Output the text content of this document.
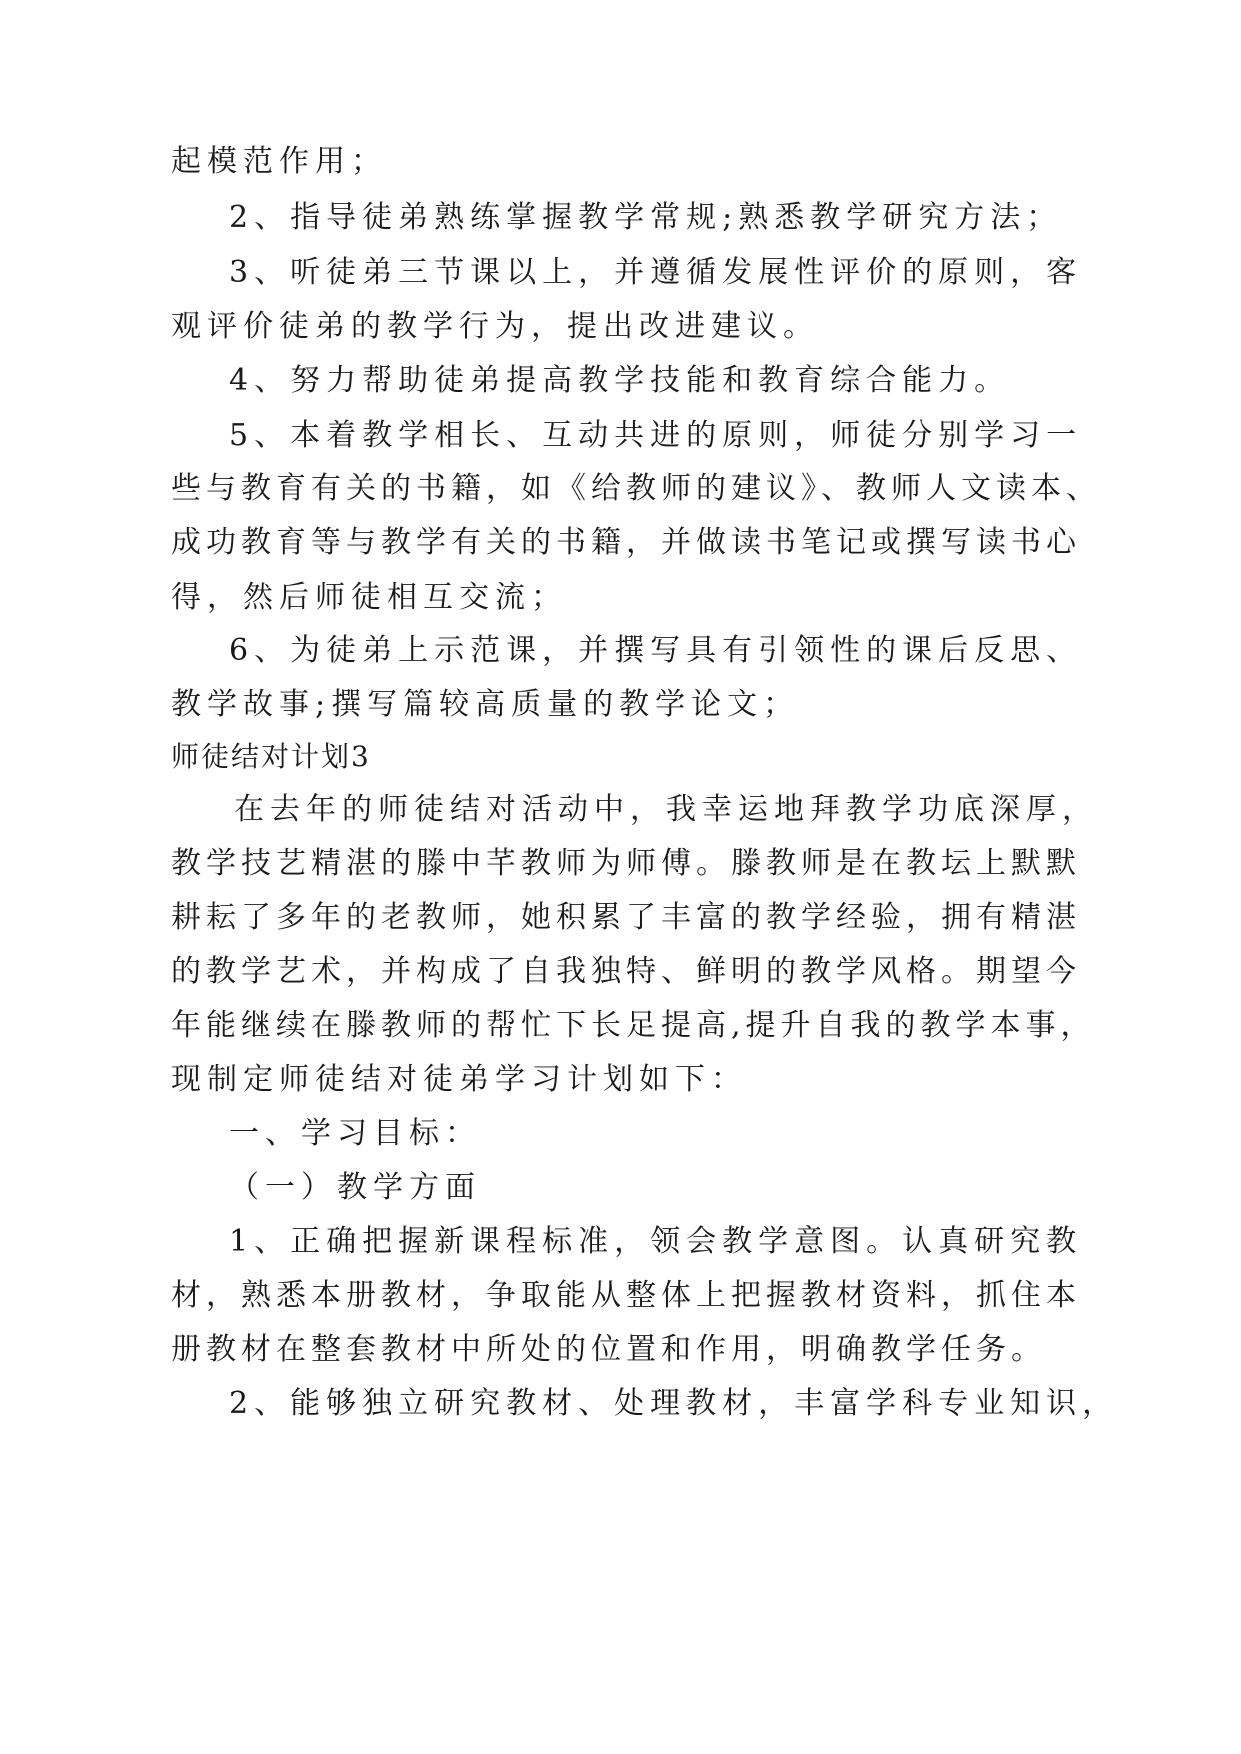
起模范作用；
2、指导徒弟熟练掌握教学常规;熟悉教学研究方法；
3、听徒弟三节课以上，并遵循发展性评价的原则，客
观评价徒弟的教学行为，提出改进建议。
4、努力帮助徒弟提高教学技能和教育综合能力。
5、本着教学相长、互动共进的原则，师徒分别学习一
些与教育有关的书籍，如《给教师的建议》、教师人文读本、
成功教育等与教学有关的书籍，并做读书笔记或撰写读书心
得，然后师徒相互交流；
6、为徒弟上示范课，并撰写具有引领性的课后反思、
教学故事;撰写篇较高质量的教学论文；
师徒结对计划3
在去年的师徒结对活动中，我幸运地拜教学功底深厚，
教学技艺精湛的滕中芊教师为师傅。滕教师是在教坛上默默
耕耘了多年的老教师，她积累了丰富的教学经验，拥有精湛
的教学艺术，并构成了自我独特、鲜明的教学风格。期望今
年能继续在滕教师的帮忙下长足提高,提升自我的教学本事，
现制定师徒结对徒弟学习计划如下：
一、学习目标：
（一）教学方面
1、正确把握新课程标准，领会教学意图。认真研究教
材，熟悉本册教材，争取能从整体上把握教材资料，抓住本
册教材在整套教材中所处的位置和作用，明确教学任务。
2、能够独立研究教材、处理教材，丰富学科专业知识，
